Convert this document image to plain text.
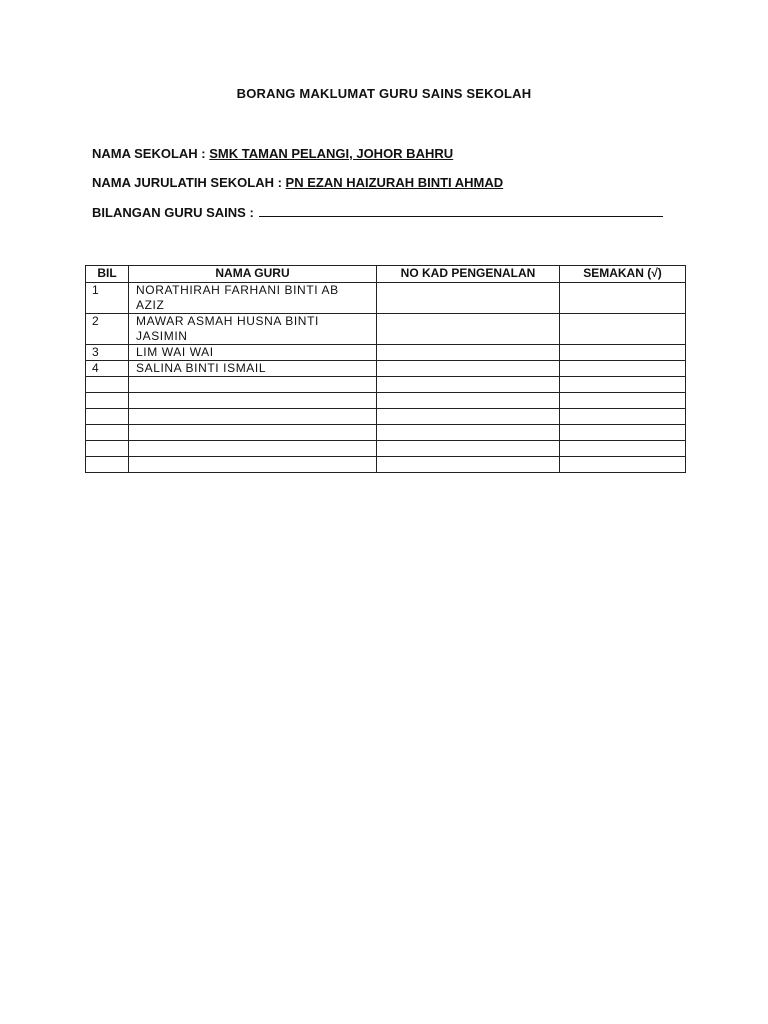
BORANG MAKLUMAT GURU SAINS SEKOLAH
NAMA SEKOLAH : SMK TAMAN PELANGI, JOHOR BAHRU
NAMA JURULATIH SEKOLAH : PN EZAN HAIZURAH BINTI AHMAD
BILANGAN GURU SAINS :
BIL	NAMA GURU	NO KAD PENGENALAN	SEMAKAN (√)
1	NORATHIRAH FARHANI BINTI AB AZIZ		
2	MAWAR ASMAH HUSNA BINTI JASIMIN		
3	LIM WAI WAI		
4	SALINA BINTI ISMAIL		
